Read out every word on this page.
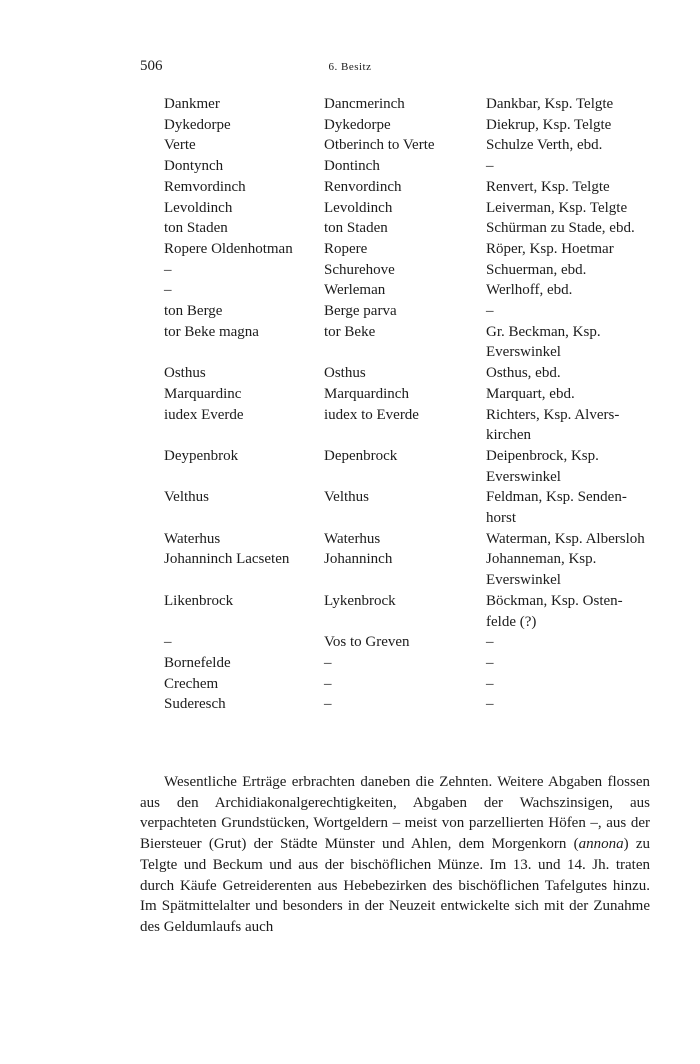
506	6. Besitz
Dankmer	Dancmerinch	Dankbar, Ksp. Telgte
Dykedorpe	Dykedorpe	Diekrup, Ksp. Telgte
Verte	Otberinch to Verte	Schulze Verth, ebd.
Dontynch	Dontinch	–
Remvordinch	Renvordinch	Renvert, Ksp. Telgte
Levoldinch	Levoldinch	Leiverman, Ksp. Telgte
ton Staden	ton Staden	Schürman zu Stade, ebd.
Ropere Oldenhotman	Ropere	Röper, Ksp. Hoetmar
–	Schurehove	Schuerman, ebd.
–	Werleman	Werlhoff, ebd.
ton Berge	Berge parva	–
tor Beke magna	tor Beke	Gr. Beckman, Ksp. Everswinkel
Osthus	Osthus	Osthus, ebd.
Marquardinc	Marquardinch	Marquart, ebd.
iudex Everde	iudex to Everde	Richters, Ksp. Alvers- kirchen
Deypenbrok	Depenbrock	Deipenbrock, Ksp. Everswinkel
Velthus	Velthus	Feldman, Ksp. Senden- horst
Waterhus	Waterhus	Waterman, Ksp. Albersloh
Johanninch Lacseten	Johanninch	Johanneman, Ksp. Everswinkel
Likenbrock	Lykenbrock	Böckman, Ksp. Osten- felde (?)
–	Vos to Greven	–
Bornefelde	–	–
Crechem	–	–
Suderesch	–	–

Wesentliche Erträge erbrachten daneben die Zehnten. Weitere Abgaben flossen aus den Archidiakonalgerechtigkeiten, Abgaben der Wachszinsigen, aus verpachteten Grundstücken, Wortgeldern – meist von parzellierten Höfen –, aus der Biersteuer (Grut) der Städte Münster und Ahlen, dem Morgenkorn (annona) zu Telgte und Beckum und aus der bischöflichen Münze. Im 13. und 14. Jh. traten durch Käufe Getreiderenten aus Hebebezirken des bischöflichen Tafelgutes hinzu. Im Spätmittelalter und besonders in der Neuzeit entwickelte sich mit der Zunahme des Geldumlaufs auch
